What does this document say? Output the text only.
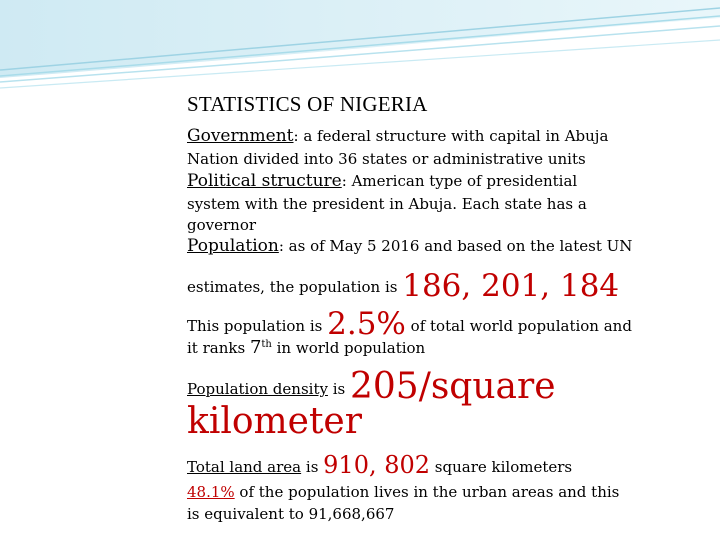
STATISTICS OF NIGERIA
Government: a federal structure with capital in Abuja
Nation divided into 36 states or administrative units
Political structure: American type of presidential
system with the president in Abuja. Each state has a
governor
Population: as of May 5 2016 and based on the latest UN
estimates, the population is 186, 201, 184
This population is 2.5% of total world population and
it ranks 7th in world population
Population density is 205/square
kilometer
Total land area is 910, 802 square kilometers
48.1% of the population lives in the urban areas and this
is equivalent to 91,668,667
